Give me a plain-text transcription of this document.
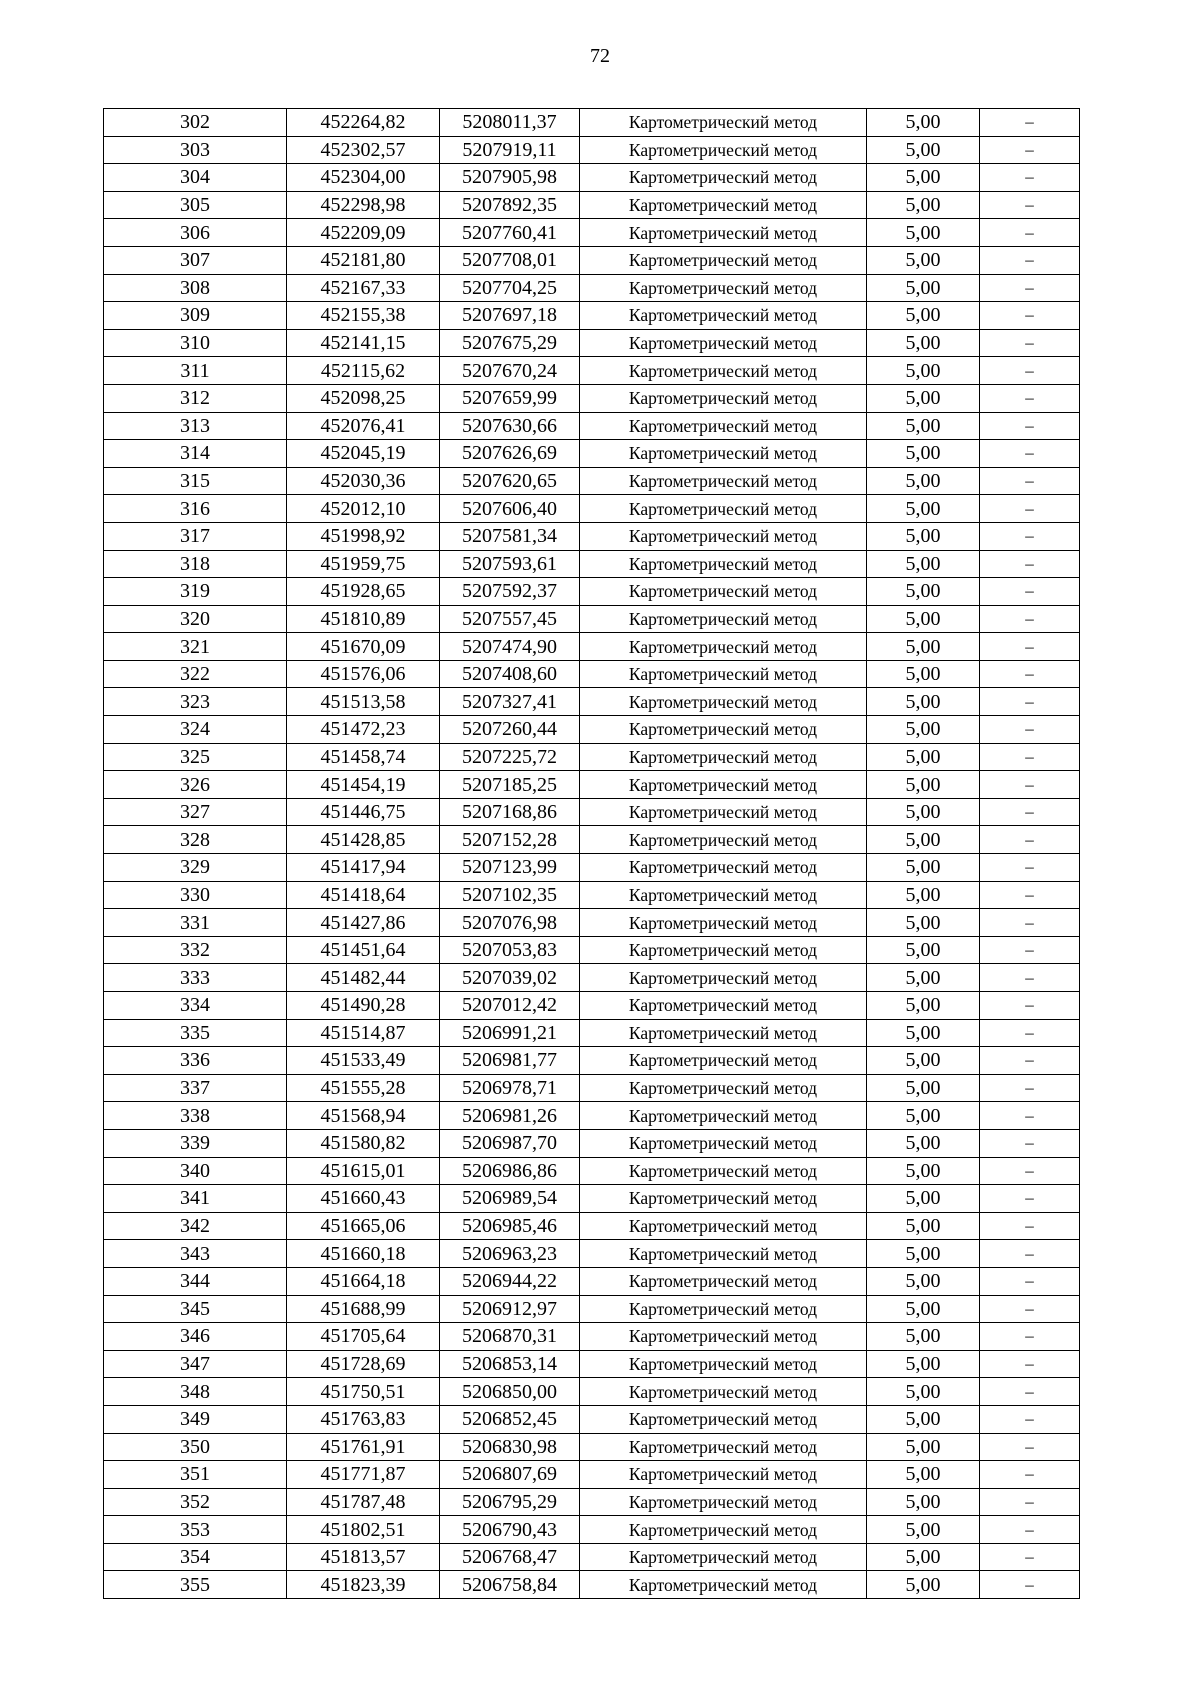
72
302	452264,82	5208011,37	Картометрический метод	5,00	–
303	452302,57	5207919,11	Картометрический метод	5,00	–
304	452304,00	5207905,98	Картометрический метод	5,00	–
305	452298,98	5207892,35	Картометрический метод	5,00	–
306	452209,09	5207760,41	Картометрический метод	5,00	–
307	452181,80	5207708,01	Картометрический метод	5,00	–
308	452167,33	5207704,25	Картометрический метод	5,00	–
309	452155,38	5207697,18	Картометрический метод	5,00	–
310	452141,15	5207675,29	Картометрический метод	5,00	–
311	452115,62	5207670,24	Картометрический метод	5,00	–
312	452098,25	5207659,99	Картометрический метод	5,00	–
313	452076,41	5207630,66	Картометрический метод	5,00	–
314	452045,19	5207626,69	Картометрический метод	5,00	–
315	452030,36	5207620,65	Картометрический метод	5,00	–
316	452012,10	5207606,40	Картометрический метод	5,00	–
317	451998,92	5207581,34	Картометрический метод	5,00	–
318	451959,75	5207593,61	Картометрический метод	5,00	–
319	451928,65	5207592,37	Картометрический метод	5,00	–
320	451810,89	5207557,45	Картометрический метод	5,00	–
321	451670,09	5207474,90	Картометрический метод	5,00	–
322	451576,06	5207408,60	Картометрический метод	5,00	–
323	451513,58	5207327,41	Картометрический метод	5,00	–
324	451472,23	5207260,44	Картометрический метод	5,00	–
325	451458,74	5207225,72	Картометрический метод	5,00	–
326	451454,19	5207185,25	Картометрический метод	5,00	–
327	451446,75	5207168,86	Картометрический метод	5,00	–
328	451428,85	5207152,28	Картометрический метод	5,00	–
329	451417,94	5207123,99	Картометрический метод	5,00	–
330	451418,64	5207102,35	Картометрический метод	5,00	–
331	451427,86	5207076,98	Картометрический метод	5,00	–
332	451451,64	5207053,83	Картометрический метод	5,00	–
333	451482,44	5207039,02	Картометрический метод	5,00	–
334	451490,28	5207012,42	Картометрический метод	5,00	–
335	451514,87	5206991,21	Картометрический метод	5,00	–
336	451533,49	5206981,77	Картометрический метод	5,00	–
337	451555,28	5206978,71	Картометрический метод	5,00	–
338	451568,94	5206981,26	Картометрический метод	5,00	–
339	451580,82	5206987,70	Картометрический метод	5,00	–
340	451615,01	5206986,86	Картометрический метод	5,00	–
341	451660,43	5206989,54	Картометрический метод	5,00	–
342	451665,06	5206985,46	Картометрический метод	5,00	–
343	451660,18	5206963,23	Картометрический метод	5,00	–
344	451664,18	5206944,22	Картометрический метод	5,00	–
345	451688,99	5206912,97	Картометрический метод	5,00	–
346	451705,64	5206870,31	Картометрический метод	5,00	–
347	451728,69	5206853,14	Картометрический метод	5,00	–
348	451750,51	5206850,00	Картометрический метод	5,00	–
349	451763,83	5206852,45	Картометрический метод	5,00	–
350	451761,91	5206830,98	Картометрический метод	5,00	–
351	451771,87	5206807,69	Картометрический метод	5,00	–
352	451787,48	5206795,29	Картометрический метод	5,00	–
353	451802,51	5206790,43	Картометрический метод	5,00	–
354	451813,57	5206768,47	Картометрический метод	5,00	–
355	451823,39	5206758,84	Картометрический метод	5,00	–
